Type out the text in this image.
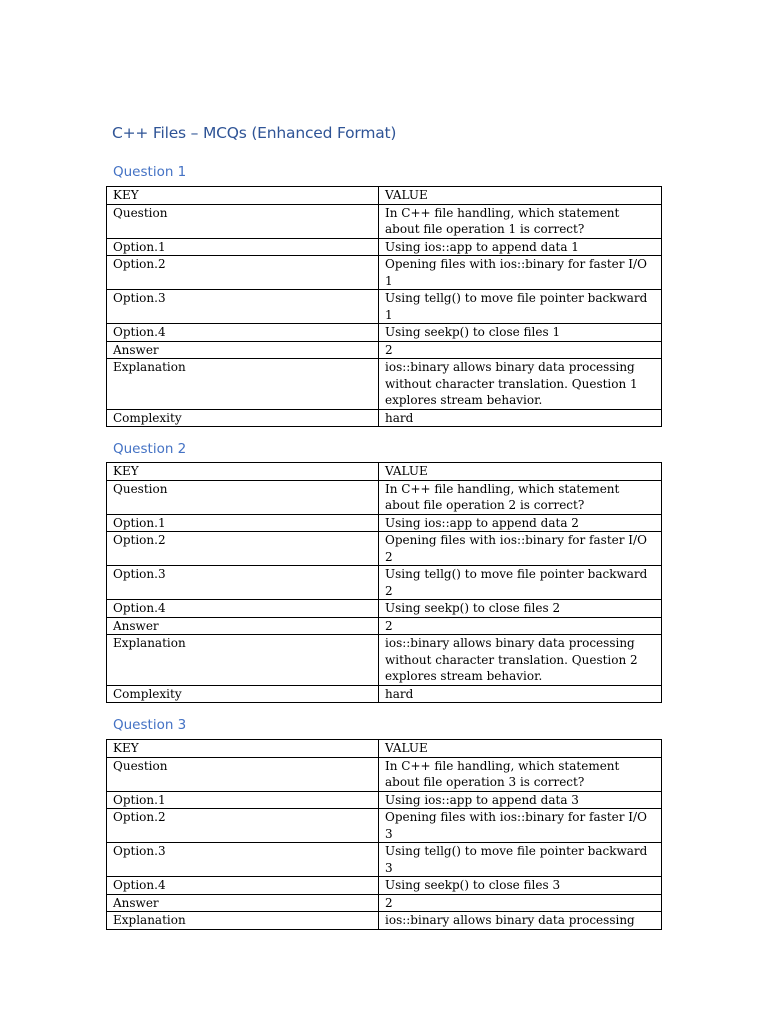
C++ Files – MCQs (Enhanced Format)
Question 1
KEY	VALUE
Question	In C++ file handling, which statement about file operation 1 is correct?
Option.1	Using ios::app to append data 1
Option.2	Opening files with ios::binary for faster I/O 1
Option.3	Using tellg() to move file pointer backward 1
Option.4	Using seekp() to close files 1
Answer	2
Explanation	ios::binary allows binary data processing without character translation. Question 1 explores stream behavior.
Complexity	hard
Question 2
KEY	VALUE
Question	In C++ file handling, which statement about file operation 2 is correct?
Option.1	Using ios::app to append data 2
Option.2	Opening files with ios::binary for faster I/O 2
Option.3	Using tellg() to move file pointer backward 2
Option.4	Using seekp() to close files 2
Answer	2
Explanation	ios::binary allows binary data processing without character translation. Question 2 explores stream behavior.
Complexity	hard
Question 3
KEY	VALUE
Question	In C++ file handling, which statement about file operation 3 is correct?
Option.1	Using ios::app to append data 3
Option.2	Opening files with ios::binary for faster I/O 3
Option.3	Using tellg() to move file pointer backward 3
Option.4	Using seekp() to close files 3
Answer	2
Explanation	ios::binary allows binary data processing
